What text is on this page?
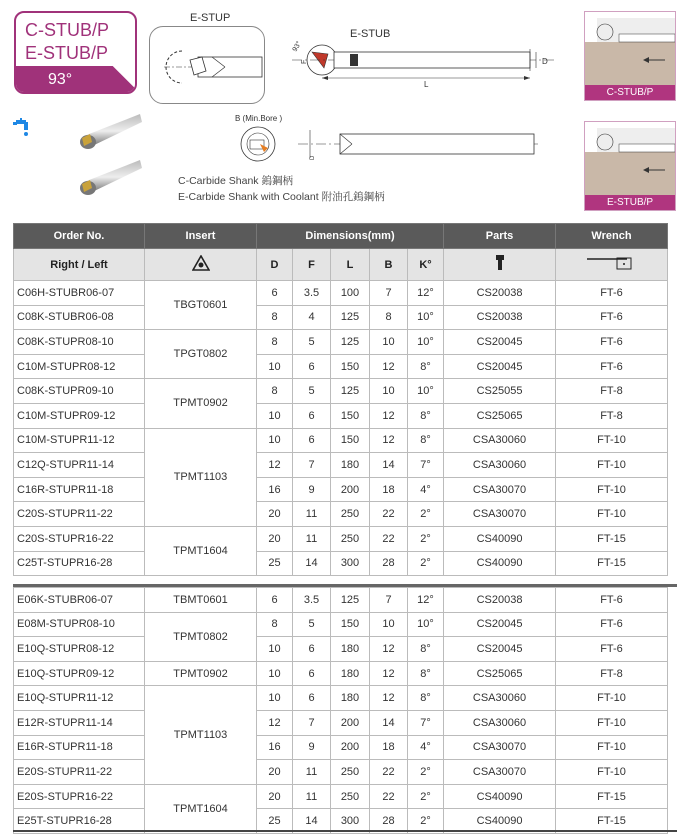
C-STUB/P
E-STUB/P
93°
E-STUP
E-STUB
93°
F
L
D
B (Min.Bore )
D
C-Carbide Shank 鎢鋼柄
E-Carbide Shank with Coolant 附油孔鎢鋼柄
C-STUB/P
E-STUB/P
Order No.	Insert	Dimensions(mm)					Parts	Wrench
Right / Left		D	F	L	B	K°		
C06H-STUBR06-07	TBGT0601	6	3.5	100	7	12°	CS20038	FT-6
C08K-STUBR06-08		8	4	125	8	10°	CS20038	FT-6
C08K-STUPR08-10	TPGT0802	8	5	125	10	10°	CS20045	FT-6
C10M-STUPR08-12		10	6	150	12	8°	CS20045	FT-6
C08K-STUPR09-10	TPMT0902	8	5	125	10	10°	CS25055	FT-8
C10M-STUPR09-12		10	6	150	12	8°	CS25065	FT-8
C10M-STUPR11-12	TPMT1103	10	6	150	12	8°	CSA30060	FT-10
C12Q-STUPR11-14		12	7	180	14	7°	CSA30060	FT-10
C16R-STUPR11-18		16	9	200	18	4°	CSA30070	FT-10
C20S-STUPR11-22		20	11	250	22	2°	CSA30070	FT-10
C20S-STUPR16-22	TPMT1604	20	11	250	22	2°	CS40090	FT-15
C25T-STUPR16-28		25	14	300	28	2°	CS40090	FT-15
E06K-STUBR06-07	TBMT0601	6	3.5	125	7	12°	CS20038	FT-6
E08M-STUPR08-10	TPMT0802	8	5	150	10	10°	CS20045	FT-6
E10Q-STUPR08-12		10	6	180	12	8°	CS20045	FT-6
E10Q-STUPR09-12	TPMT0902	10	6	180	12	8°	CS25065	FT-8
E10Q-STUPR11-12	TPMT1103	10	6	180	12	8°	CSA30060	FT-10
E12R-STUPR11-14		12	7	200	14	7°	CSA30060	FT-10
E16R-STUPR11-18		16	9	200	18	4°	CSA30070	FT-10
E20S-STUPR11-22		20	11	250	22	2°	CSA30070	FT-10
E20S-STUPR16-22	TPMT1604	20	11	250	22	2°	CS40090	FT-15
E25T-STUPR16-28		25	14	300	28	2°	CS40090	FT-15
